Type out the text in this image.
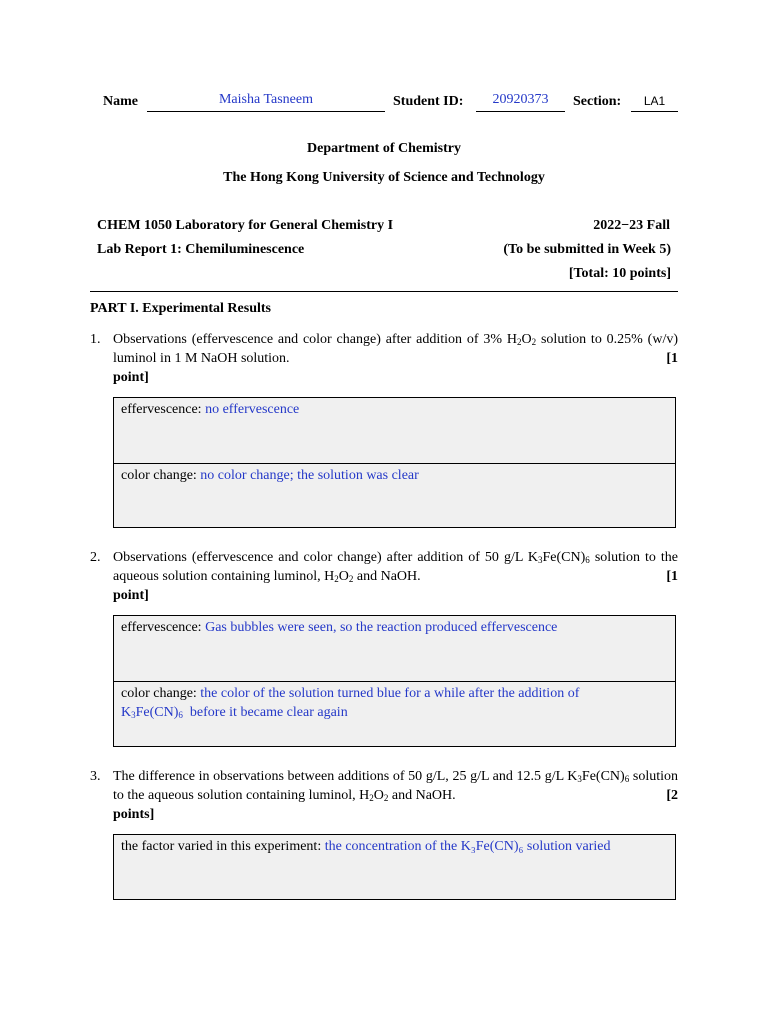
Name	Maisha Tasneem	Student ID:	20920373	Section:	LA1
Department of Chemistry
The Hong Kong University of Science and Technology
CHEM 1050 Laboratory for General Chemistry I	2022−23 Fall
Lab Report 1: Chemiluminescence	(To be submitted in Week 5)
[Total: 10 points]
PART I. Experimental Results
1. Observations (effervescence and color change) after addition of 3% $H_2O_2$ solution to 0.25% (w/v) luminol in 1 M NaOH solution.	[1

point]
effervescence: no effervescence
color change: no color change; the solution was clear
2. Observations (effervescence and color change) after addition of 50 g/L $K_3Fe(CN)_6$ solution to the aqueous solution containing luminol, $H_2O_2$ and NaOH.	[1

point]
effervescence: Gas bubbles were seen, so the reaction produced effervescence
color change: the color of the solution turned blue for a while after the addition of
$K_3Fe(CN)_6$  before it became clear again
3. The difference in observations between additions of 50 g/L, 25 g/L and 12.5 g/L $K_3Fe(CN)_6$ solution to the aqueous solution containing luminol, $H_2O_2$ and NaOH.	[2

points]
the factor varied in this experiment: the concentration of the K₃Fe(CN)₆ solution varied
